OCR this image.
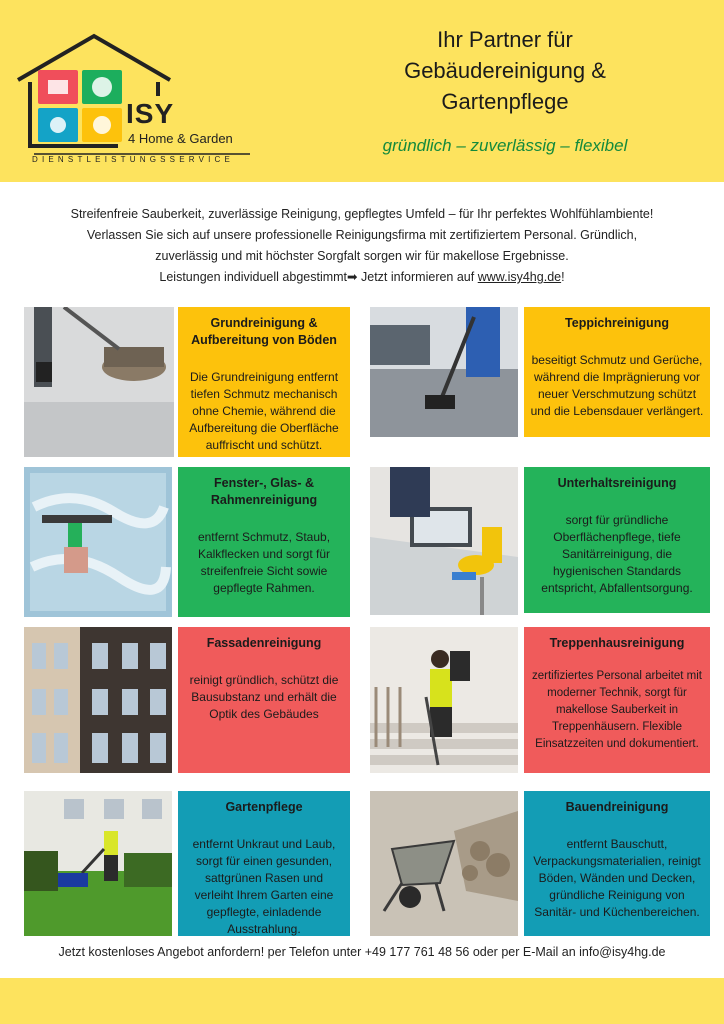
ISY
4 Home & Garden
DIENSTLEISTUNGSSERVICE
Ihr Partner für
Gebäudereinigung &
Gartenpflege
gründlich – zuverlässig – flexibel
Streifenfreie Sauberkeit, zuverlässige Reinigung, gepflegtes Umfeld – für Ihr perfektes Wohlfühlambiente!
Verlassen Sie sich auf unsere professionelle Reinigungsfirma mit zertifiziertem Personal. Gründlich,
zuverlässig und mit höchster Sorgfalt sorgen wir für makellose Ergebnisse.
Leistungen individuell abgestimmt➡ Jetzt informieren auf www.isy4hg.de!
Grundreinigung & Aufbereitung von Böden
Die Grundreinigung entfernt tiefen Schmutz mechanisch ohne Chemie, während die Aufbereitung die Oberfläche auffrischt und schützt.
Teppichreinigung
beseitigt Schmutz und Gerüche, während die Imprägnierung vor neuer Verschmutzung schützt und die Lebensdauer verlängert.
Fenster-, Glas- & Rahmenreinigung
entfernt Schmutz, Staub, Kalkflecken und sorgt für streifenfreie Sicht sowie gepflegte Rahmen.
Unterhaltsreinigung
sorgt für gründliche Oberflächenpflege, tiefe Sanitärreinigung, die hygienischen Standards entspricht, Abfallentsorgung.
Fassadenreinigung
reinigt gründlich, schützt die Bausubstanz und erhält die Optik des Gebäudes
Treppenhausreinigung
zertifiziertes Personal arbeitet mit moderner Technik, sorgt für makellose Sauberkeit in Treppenhäusern. Flexible Einsatzzeiten und dokumentiert.
Gartenpflege
entfernt Unkraut und Laub, sorgt für einen gesunden, sattgrünen Rasen und verleiht Ihrem Garten eine gepflegte, einladende Ausstrahlung.
Bauendreinigung
entfernt Bauschutt, Verpackungsmaterialien, reinigt Böden, Wänden und Decken, gründliche Reinigung von Sanitär- und Küchenbereichen.
Jetzt kostenloses Angebot anfordern! per Telefon unter +49 177 761 48 56 oder per E-Mail an info@isy4hg.de
